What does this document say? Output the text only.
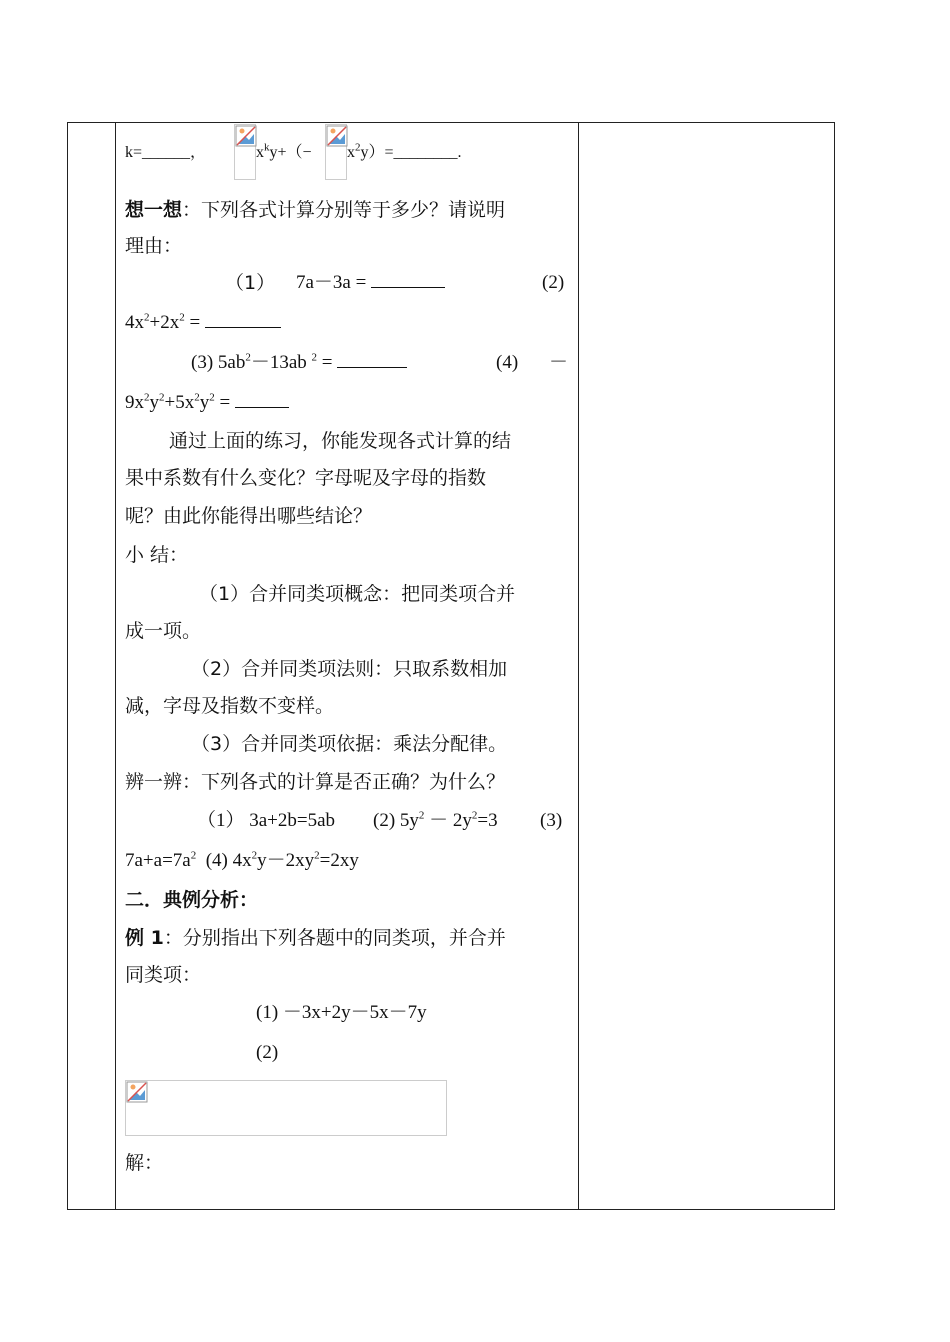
k=______，	$x^ky+(-$ $x^2y)=\_\_\_\_\_\_\_\_$.
想一想：下列各式计算分别等于多少？请说明
理由：
（1） 7a－3a =	(2)
$4x^2+2x^2$ =
(3) $5ab^2-13ab$ $^2$ =	(4) －
$9x^2y^2+5x^2y^2$ =
通过上面的练习，你能发现各式计算的结
果中系数有什么变化？字母呢及字母的指数
呢？由此你能得出哪些结论？
小 结：
（1）合并同类项概念：把同类项合并
成一项。
（2）合并同类项法则：只取系数相加
减，字母及指数不变样。
（3）合并同类项依据：乘法分配律。
辨一辨：下列各式的计算是否正确？为什么？
（1） 3a+2b=5ab (2) $5y^2 - 2y^2=3$ (3)
$7a+a=7a^2$ (4) $4x^2y-2xy^2=2xy$
二．典例分析：
例 1：分别指出下列各题中的同类项，并合并
同类项：
(1) －3x+2y－5x－7y
(2)
解：
